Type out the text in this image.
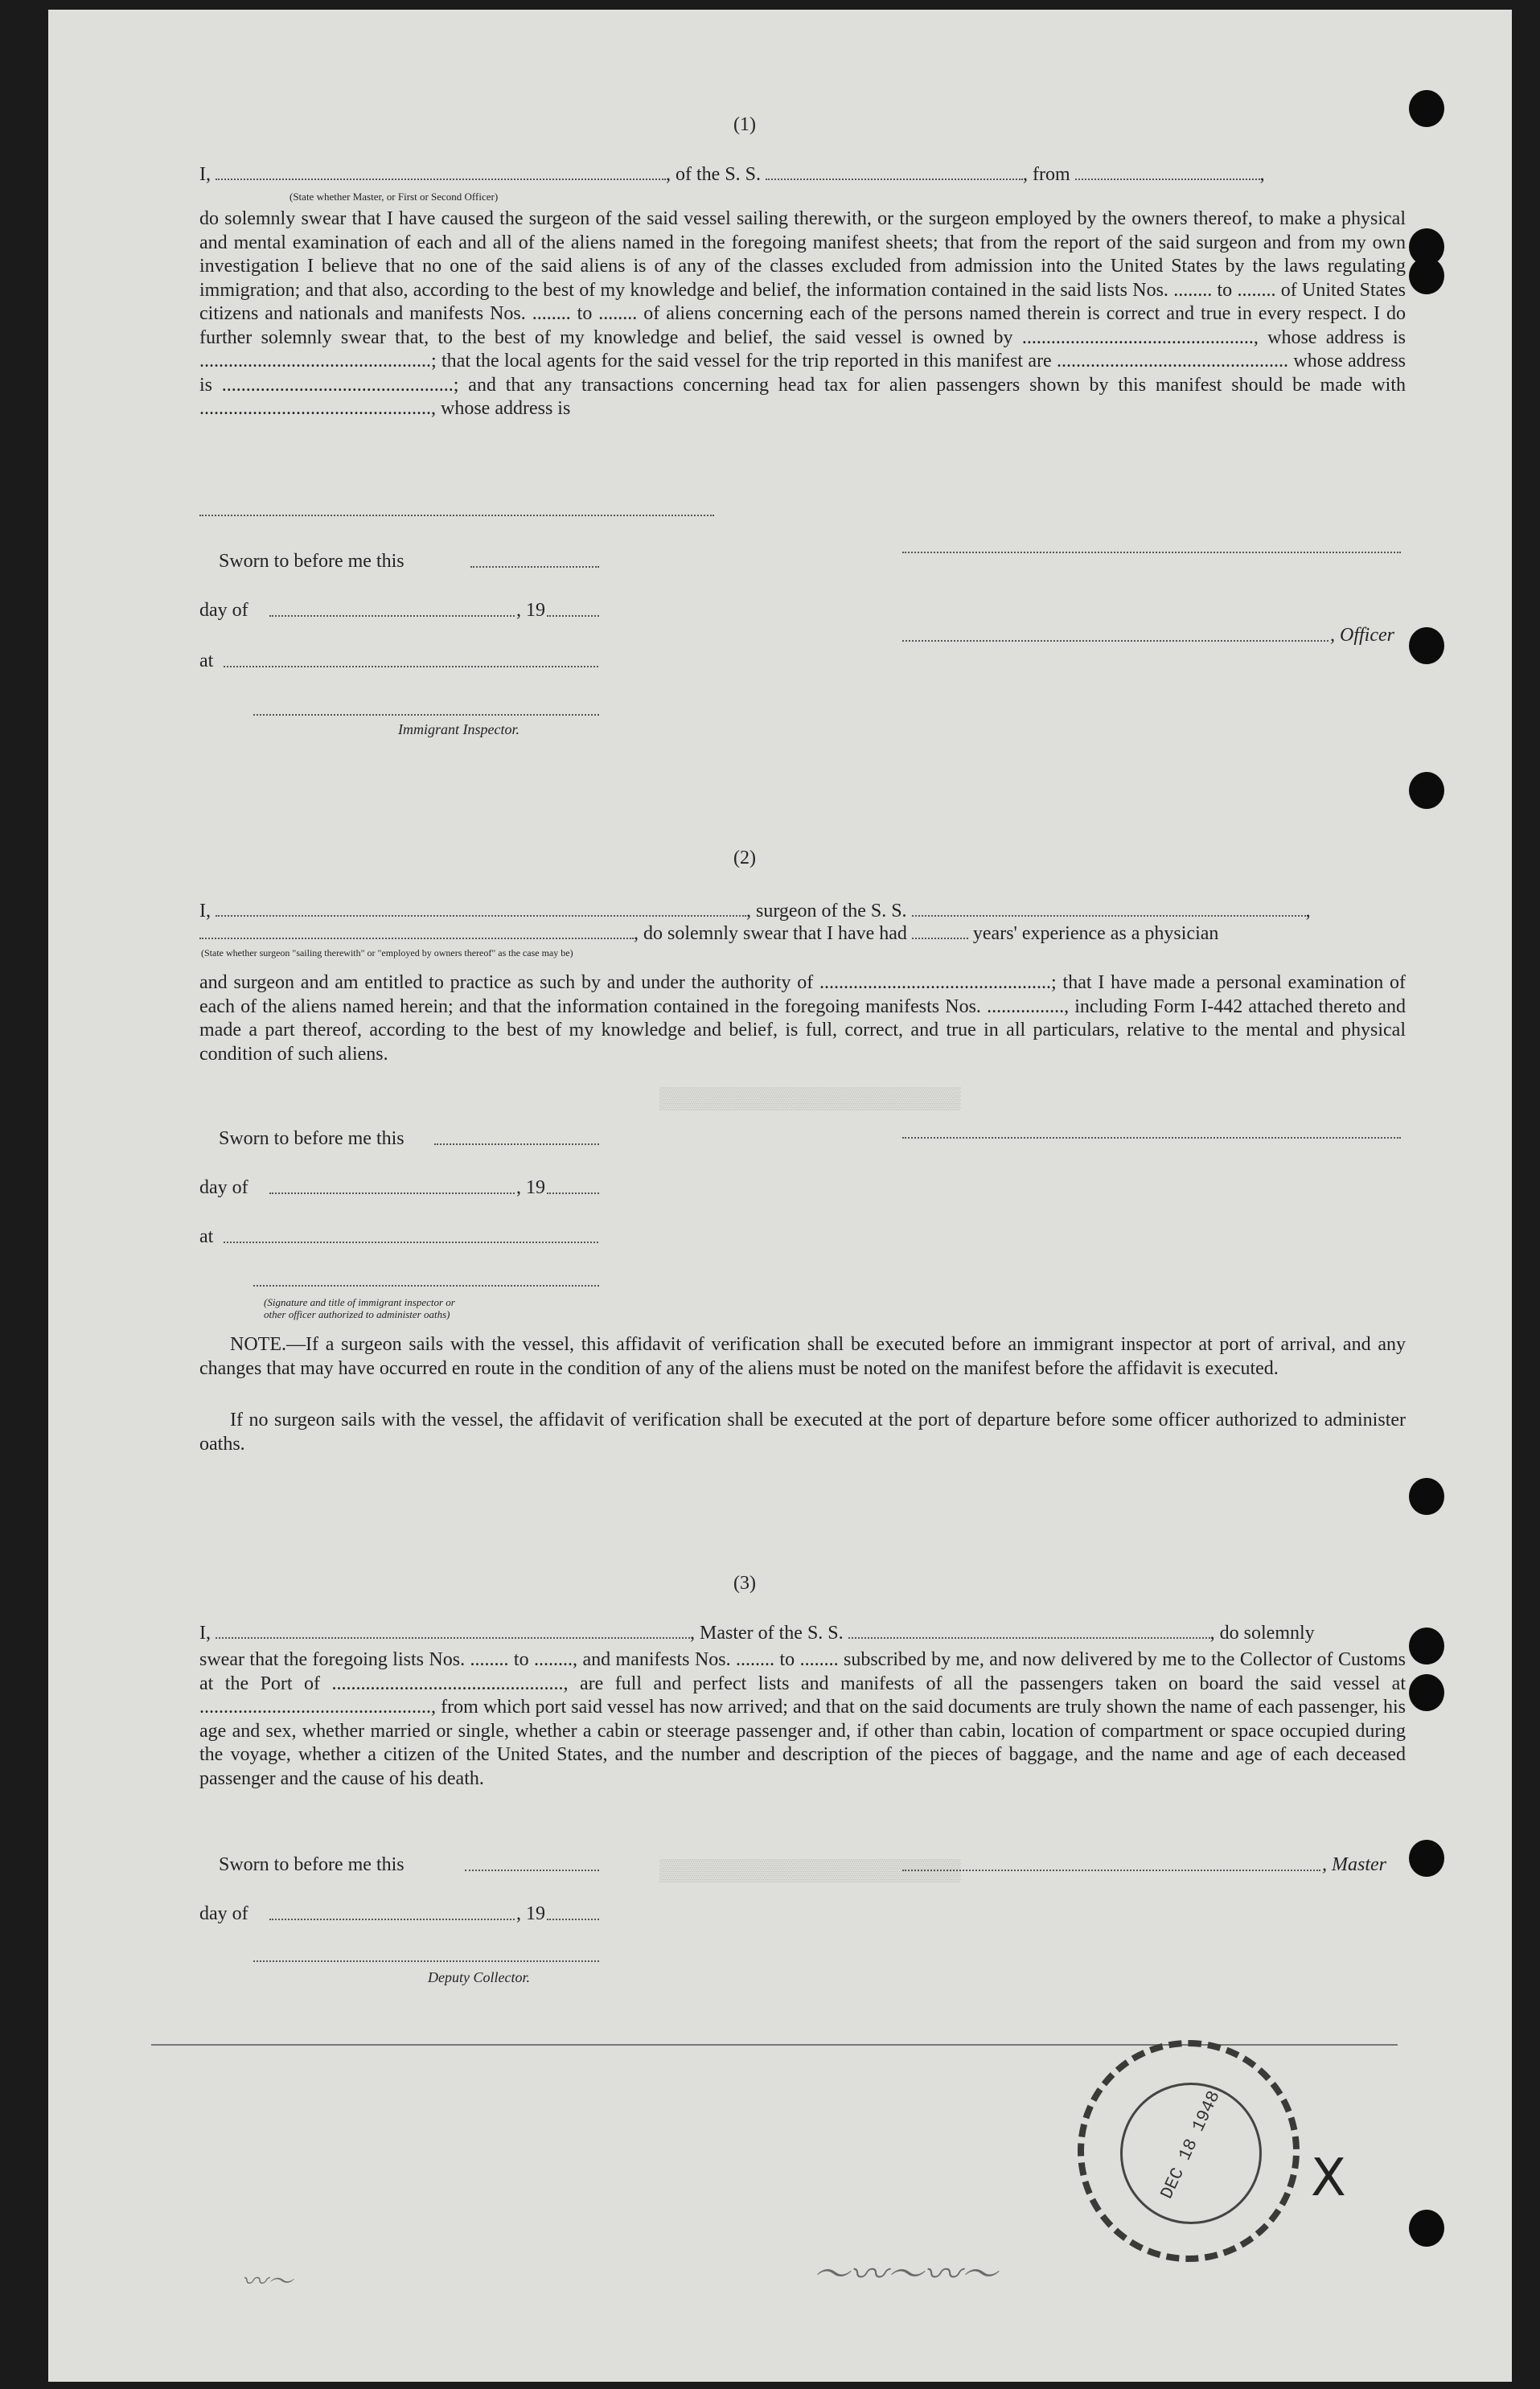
▒▒▒▒▒▒▒▒▒▒▒▒▒▒▒▒▒▒▒▒▒▒▒▒
▒▒▒▒▒▒▒▒▒▒▒▒▒▒▒▒▒▒▒▒▒▒▒▒
(1)
I,	, of the S. S.	, from	,
(State whether Master, or First or Second Officer)
do solemnly swear that I have caused the surgeon of the said vessel sailing therewith, or the surgeon employed by the owners thereof, to make a physical and mental examination of each and all of the aliens named in the foregoing manifest sheets; that from the report of the said surgeon and from my own investigation I believe that no one of the said aliens is of any of the classes excluded from admission into the United States by the laws regulating immigration; and that also, according to the best of my knowledge and belief, the information contained in the said lists Nos. ........ to ........ of United States citizens and nationals and manifests Nos. ........ to ........ of aliens concerning each of the persons named therein is correct and true in every respect. I do further solemnly swear that, to the best of my knowledge and belief, the said vessel is owned by ................................................, whose address is ................................................; that the local agents for the said vessel for the trip reported in this manifest are ................................................ whose address is ................................................; and that any transactions concerning head tax for alien passengers shown by this manifest should be made with ................................................, whose address is
Sworn to before me this
day of	, 19
, Officer
at
Immigrant Inspector.
(2)
I,	, surgeon of the S. S.	,
, do solemnly swear that I have had	years' experience as a physician
(State whether surgeon "sailing therewith" or "employed by owners thereof" as the case may be)
and surgeon and am entitled to practice as such by and under the authority of ................................................; that I have made a personal examination of each of the aliens named herein; and that the information contained in the foregoing manifests Nos. ................, including Form I-442 attached thereto and made a part thereof, according to the best of my knowledge and belief, is full, correct, and true in all particulars, relative to the mental and physical condition of such aliens.
Sworn to before me this
day of	, 19
at
(Signature and title of immigrant inspector or
other officer authorized to administer oaths)
NOTE.—If a surgeon sails with the vessel, this affidavit of verification shall be executed before an immigrant inspector at port of arrival, and any changes that may have occurred en route in the condition of any of the aliens must be noted on the manifest before the affidavit is executed.
If no surgeon sails with the vessel, the affidavit of verification shall be executed at the port of departure before some officer authorized to administer oaths.
(3)
I,	, Master of the S. S.	, do solemnly
swear that the foregoing lists Nos. ........ to ........, and manifests Nos. ........ to ........ subscribed by me, and now delivered by me to the Collector of Customs at the Port of ................................................, are full and perfect lists and manifests of all the passengers taken on board the said vessel at ................................................, from which port said vessel has now arrived; and that on the said documents are truly shown the name of each passenger, his age and sex, whether married or single, whether a cabin or steerage passenger and, if other than cabin, location of compartment or space occupied during the voyage, whether a citizen of the United States, and the number and description of the pieces of baggage, and the name and age of each deceased passenger and the cause of his death.
Sworn to before me this	, Master
day of	, 19
Deputy Collector.
DEC 18 1948 X
〜〰〜〰〜
〰〜
